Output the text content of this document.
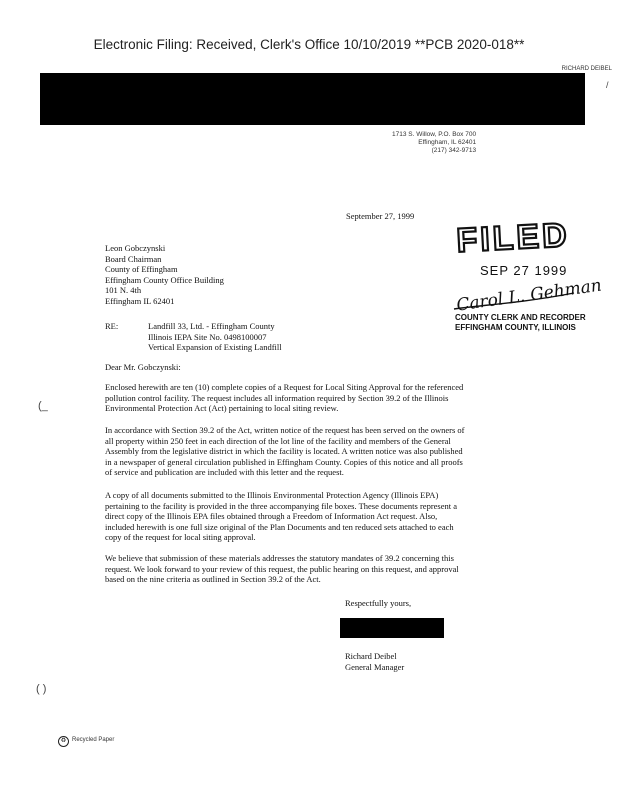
Electronic Filing: Received, Clerk's Office 10/10/2019 **PCB 2020-018**
RICHARD DEIBEL
/
1713 S. Willow, P.O. Box 700
Effingham, IL 62401
(217) 342-9713
September 27, 1999
FILED
SEP 27 1999
Carol L. Gehman
COUNTY CLERK AND RECORDER
EFFINGHAM COUNTY, ILLINOIS
Leon Gobczynski
Board Chairman
County of Effingham
Effingham County Office Building
101 N. 4th
Effingham IL 62401
RE:	Landfill 33, Ltd. - Effingham County
Illinois IEPA Site No. 0498100007
Vertical Expansion of Existing Landfill
Dear Mr. Gobczynski:
Enclosed herewith are ten (10) complete copies of a Request for Local Siting Approval for the referenced
pollution control facility. The request includes all information required by Section 39.2 of the Illinois
Environmental Protection Act (Act) pertaining to local siting review.
(_
In accordance with Section 39.2 of the Act, written notice of the request has been served on the owners of
all property within 250 feet in each direction of the lot line of the facility and members of the General
Assembly from the legislative district in which the facility is located. A written notice was also published
in a newspaper of general circulation published in Effingham County. Copies of this notice and all proofs
of service and publication are included with this letter and the request.
A copy of all documents submitted to the Illinois Environmental Protection Agency (Illinois EPA)
pertaining to the facility is provided in the three accompanying file boxes. These documents represent a
direct copy of the Illinois EPA files obtained through a Freedom of Information Act request. Also,
included herewith is one full size original of the Plan Documents and ten reduced sets attached to each
copy of the request for local siting approval.
We believe that submission of these materials addresses the statutory mandates of 39.2 concerning this
request. We look forward to your review of this request, the public hearing on this request, and approval
based on the nine criteria as outlined in Section 39.2 of the Act.
Respectfully yours,
Richard Deibel
General Manager
( )
♻ Recycled Paper
